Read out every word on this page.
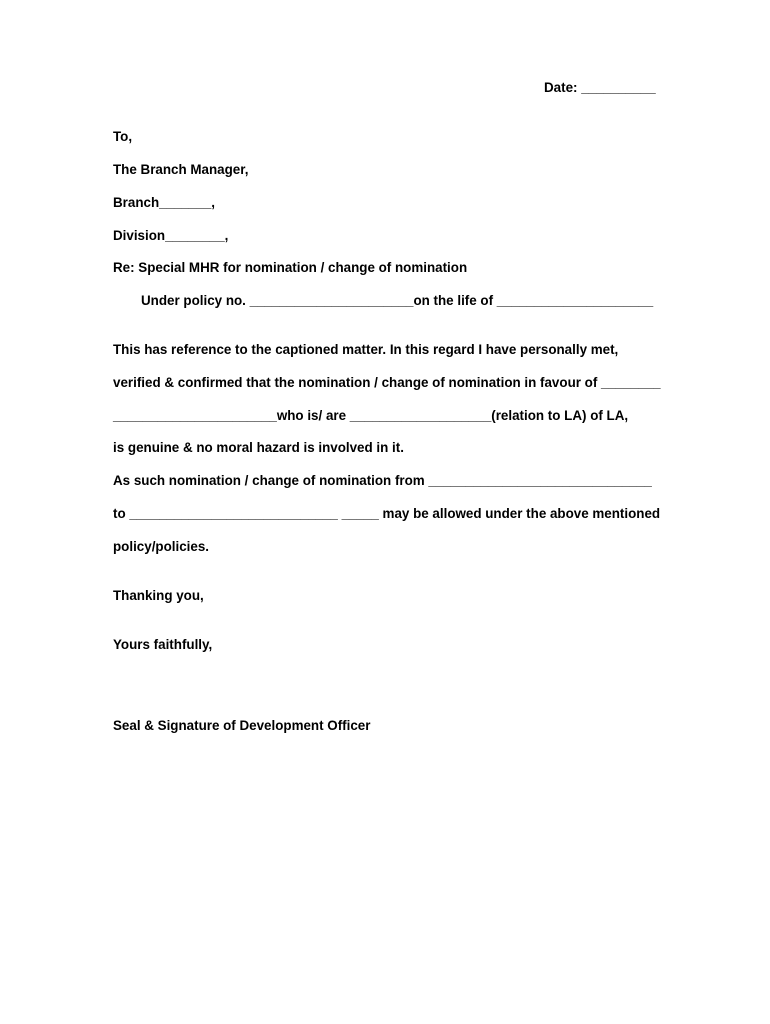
Date: __________
To,
The Branch Manager,
Branch_______,
Division________,
Re: Special MHR for nomination / change of nomination
Under policy no. ______________________on the life of _____________________
This has reference to the captioned matter. In this regard I have personally met,
verified & confirmed that the nomination / change of nomination in favour of ________
______________________who is/ are ___________________(relation to LA) of LA,
is genuine & no moral hazard is involved in it.
As such nomination / change of nomination from ______________________________
to ____________________________ _____ may be allowed under the above mentioned
policy/policies.
Thanking you,
Yours faithfully,
Seal & Signature of Development Officer
